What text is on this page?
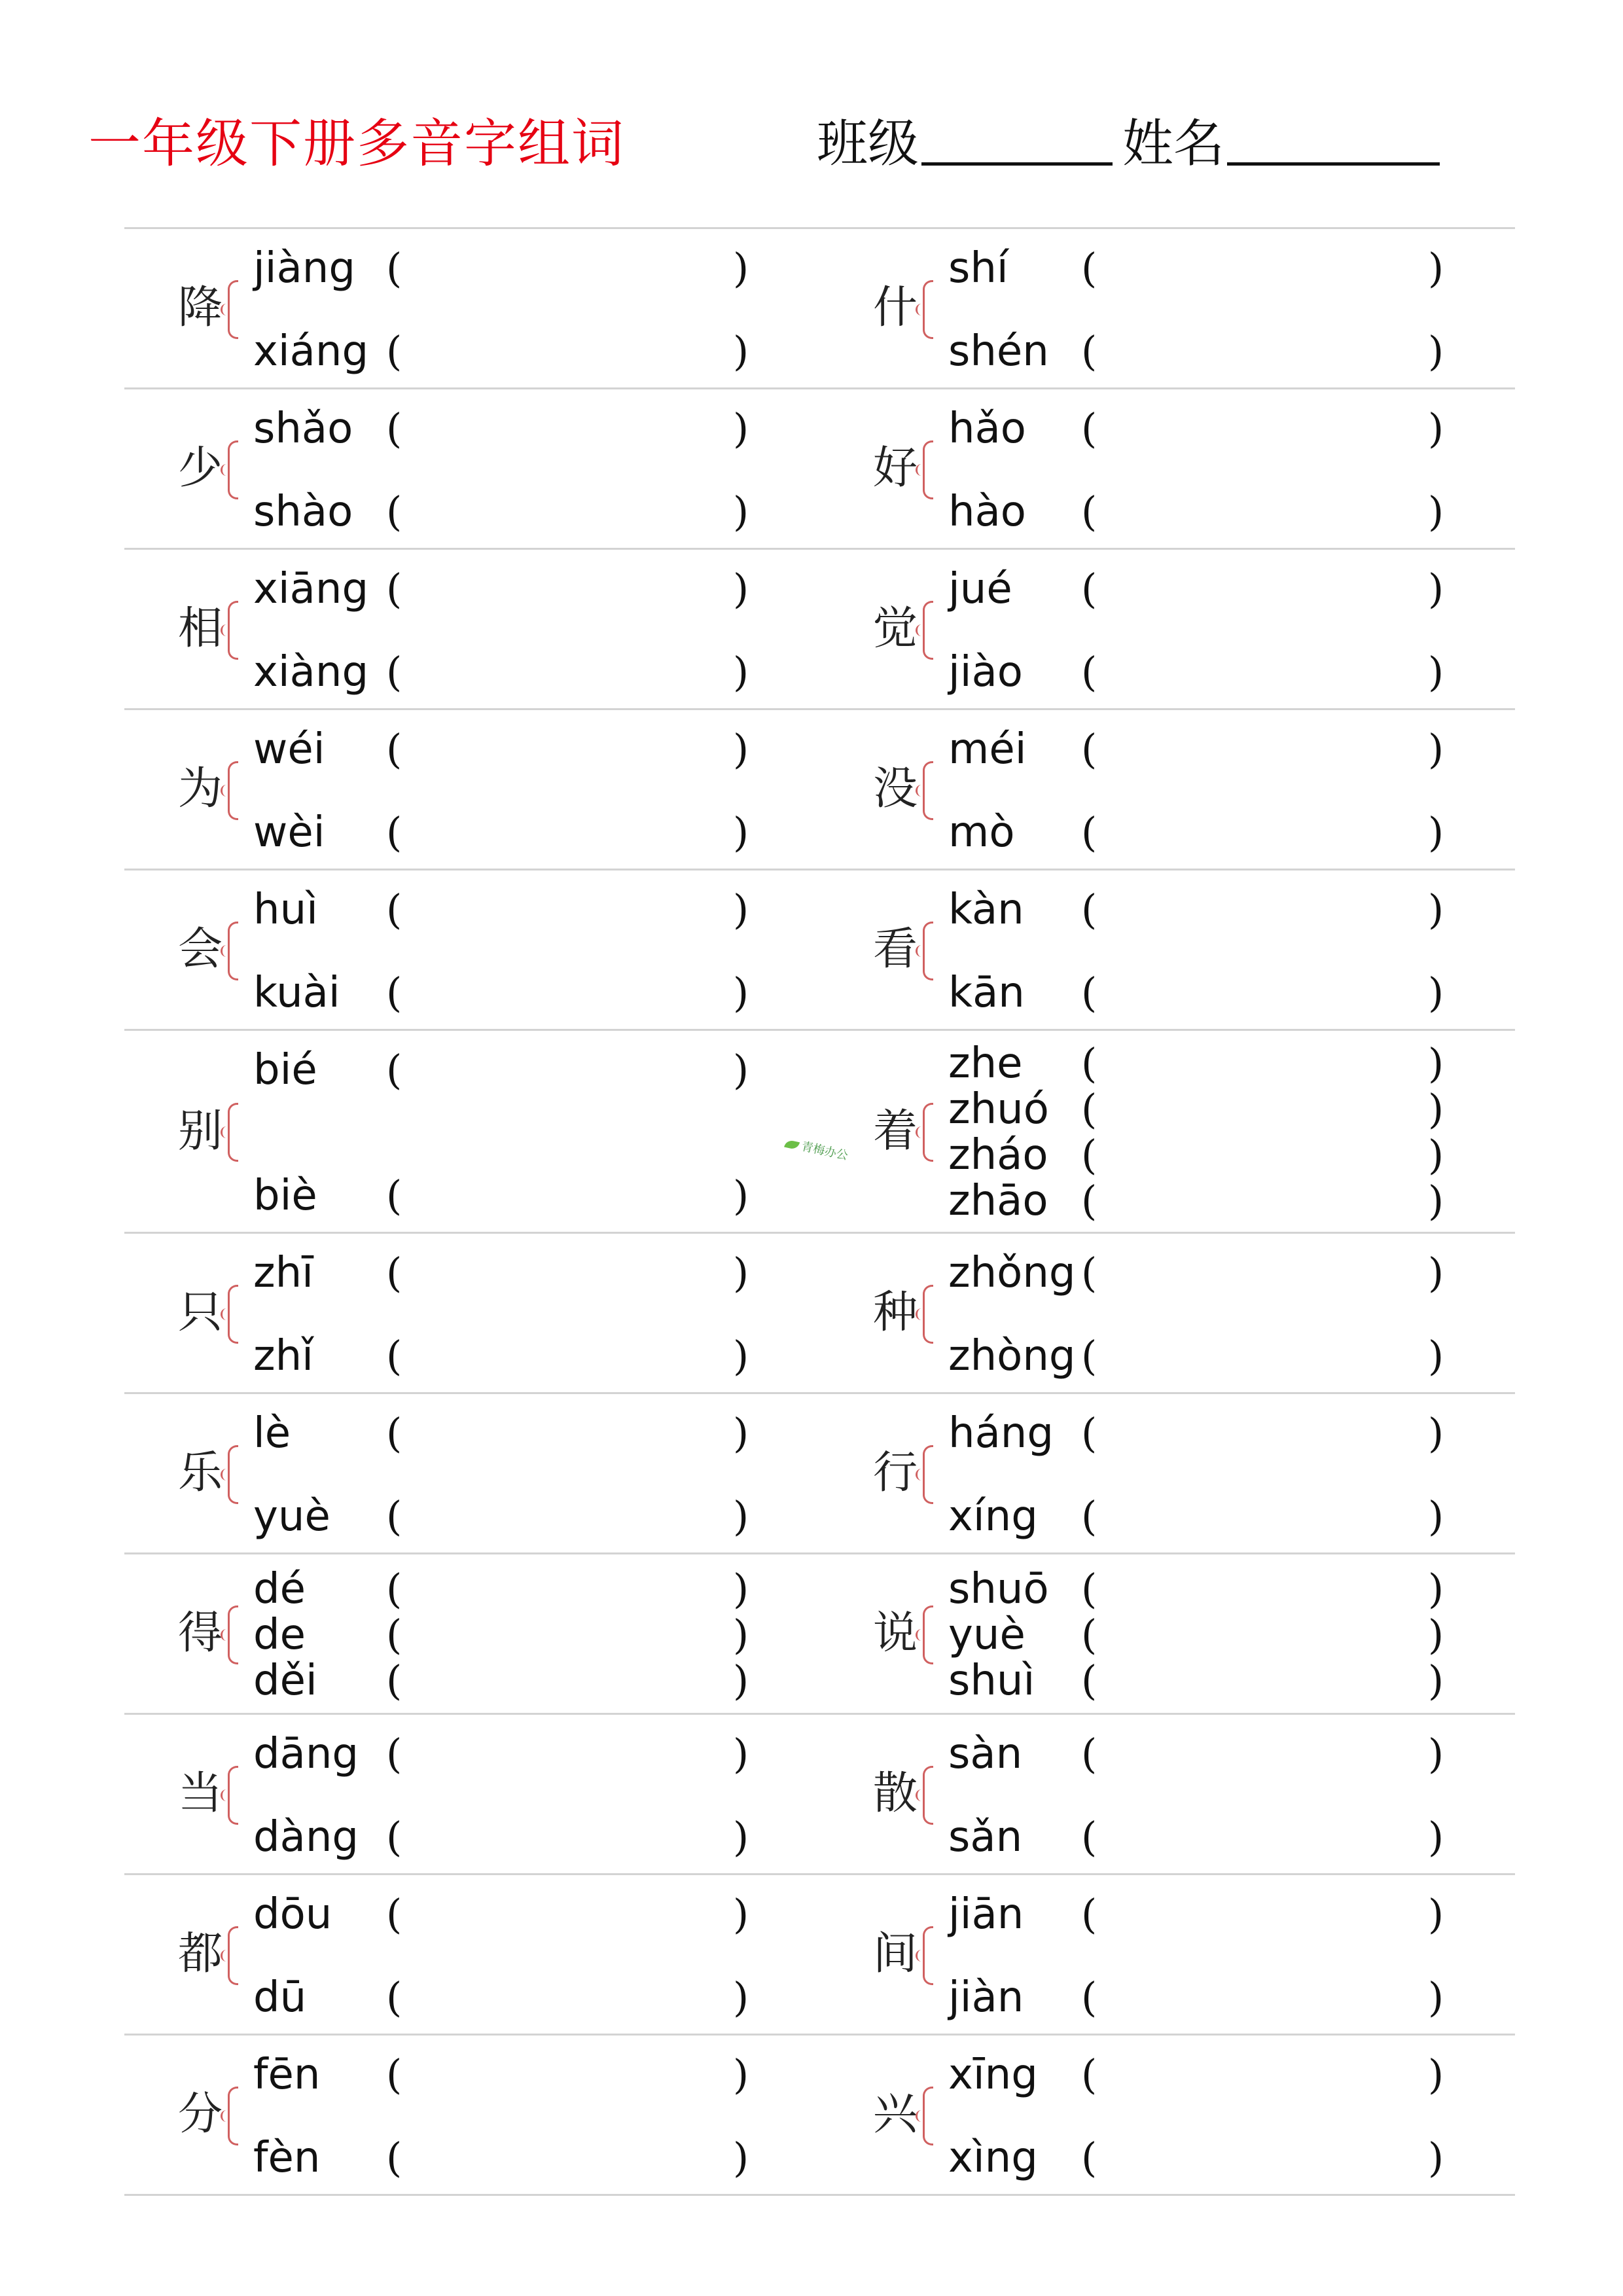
一年级下册多音字组词	班级	姓名
降
jiàng (	)
xiáng (	)
什
shí (	)
shén (	)
少
shǎo (	)
shào (	)
好
hǎo (	)
hào (	)
相
xiāng (	)
xiàng (	)
觉
jué (	)
jiào (	)
为
wéi (	)
wèi (	)
没
méi (	)
mò (	)
会
huì (	)
kuài (	)
看
kàn (	)
kān (	)
别
bié (	)
biè (	)
着
zhe (	)
zhuó (	)
zháo (	)
zhāo (	)
只
zhī (	)
zhǐ (	)
种
zhǒng (	)
zhòng (	)
乐
lè (	)
yuè (	)
行
háng (	)
xíng (	)
得
dé (	)
de (	)
děi (	)
说
shuō (	)
yuè (	)
shuì (	)
当
dāng (	)
dàng (	)
散
sàn (	)
sǎn (	)
都
dōu (	)
dū (	)
间
jiān (	)
jiàn (	)
分
fēn (	)
fèn (	)
兴
xīng (	)
xìng (	)
青梅办公
